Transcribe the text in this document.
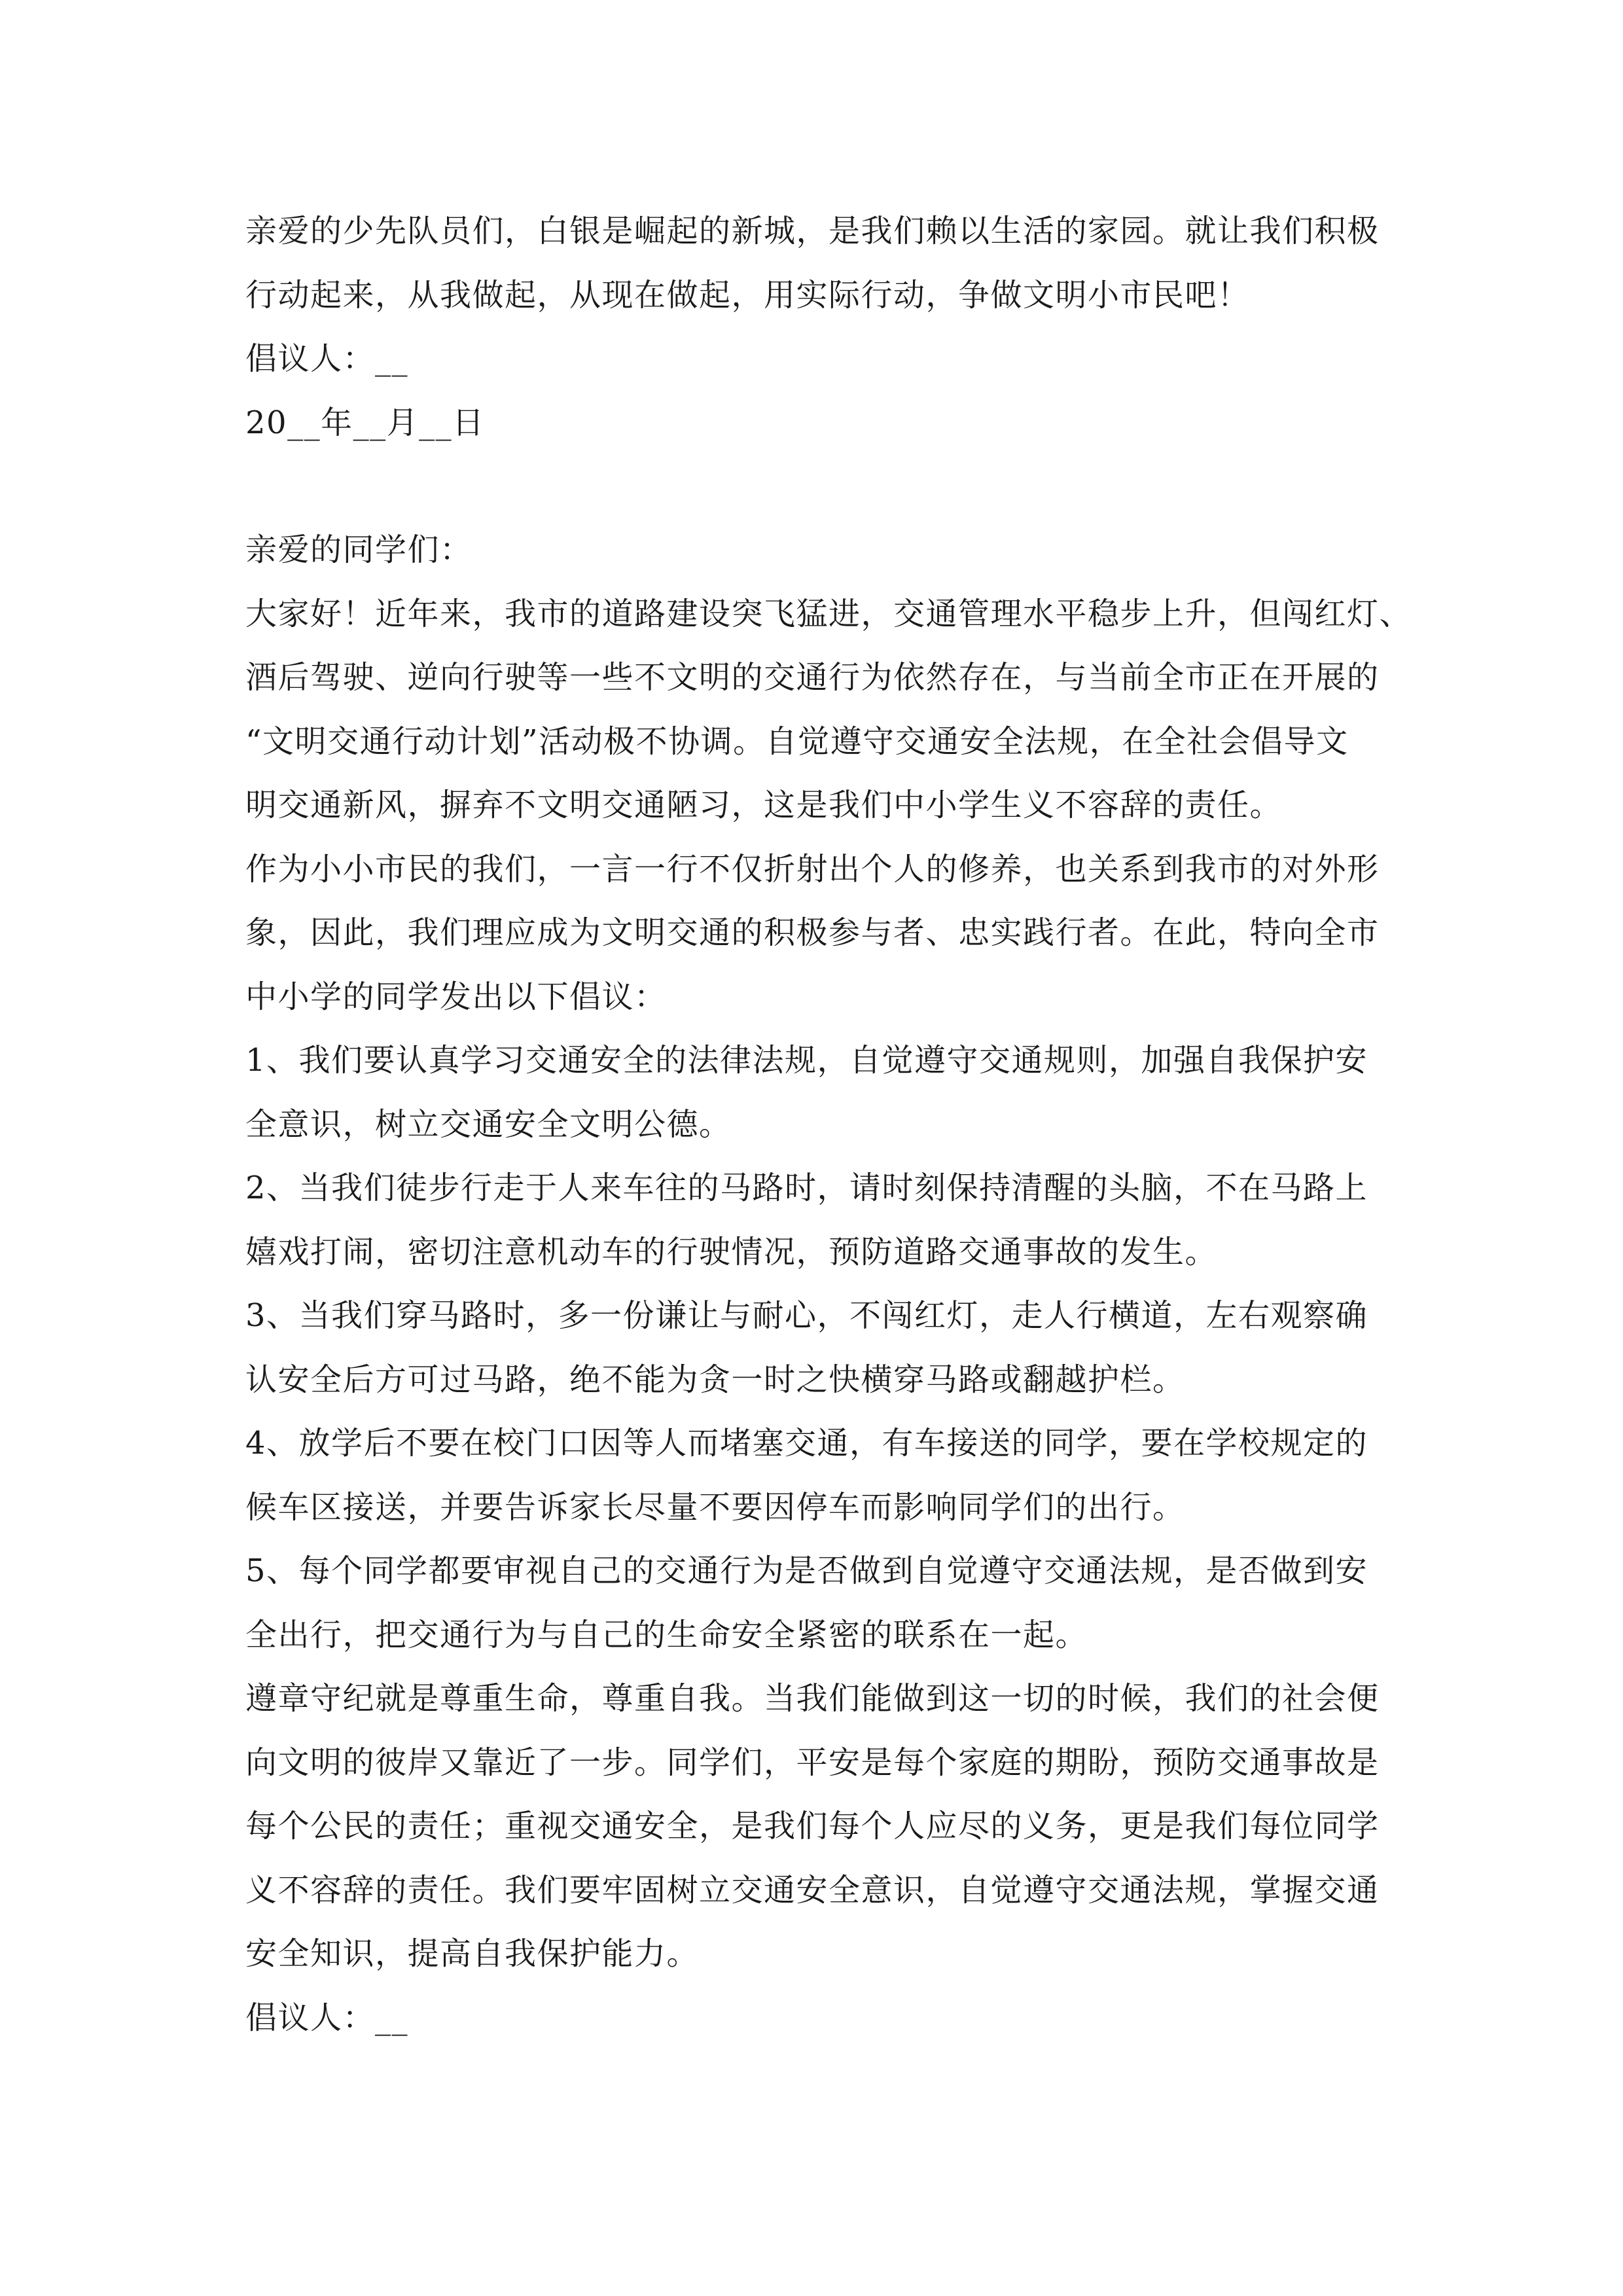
亲爱的少先队员们，白银是崛起的新城，是我们赖以生活的家园。就让我们积极
行动起来，从我做起，从现在做起，用实际行动，争做文明小市民吧！
倡议人：__
20__年__月__日
亲爱的同学们：
大家好！近年来，我市的道路建设突飞猛进，交通管理水平稳步上升，但闯红灯、
酒后驾驶、逆向行驶等一些不文明的交通行为依然存在，与当前全市正在开展的
“文明交通行动计划”活动极不协调。自觉遵守交通安全法规，在全社会倡导文
明交通新风，摒弃不文明交通陋习，这是我们中小学生义不容辞的责任。
作为小小市民的我们，一言一行不仅折射出个人的修养，也关系到我市的对外形
象，因此，我们理应成为文明交通的积极参与者、忠实践行者。在此，特向全市
中小学的同学发出以下倡议：
1、我们要认真学习交通安全的法律法规，自觉遵守交通规则，加强自我保护安
全意识，树立交通安全文明公德。
2、当我们徒步行走于人来车往的马路时，请时刻保持清醒的头脑，不在马路上
嬉戏打闹，密切注意机动车的行驶情况，预防道路交通事故的发生。
3、当我们穿马路时，多一份谦让与耐心，不闯红灯，走人行横道，左右观察确
认安全后方可过马路，绝不能为贪一时之快横穿马路或翻越护栏。
4、放学后不要在校门口因等人而堵塞交通，有车接送的同学，要在学校规定的
候车区接送，并要告诉家长尽量不要因停车而影响同学们的出行。
5、每个同学都要审视自己的交通行为是否做到自觉遵守交通法规，是否做到安
全出行，把交通行为与自己的生命安全紧密的联系在一起。
遵章守纪就是尊重生命，尊重自我。当我们能做到这一切的时候，我们的社会便
向文明的彼岸又靠近了一步。同学们，平安是每个家庭的期盼，预防交通事故是
每个公民的责任；重视交通安全，是我们每个人应尽的义务，更是我们每位同学
义不容辞的责任。我们要牢固树立交通安全意识，自觉遵守交通法规，掌握交通
安全知识，提高自我保护能力。
倡议人：__
